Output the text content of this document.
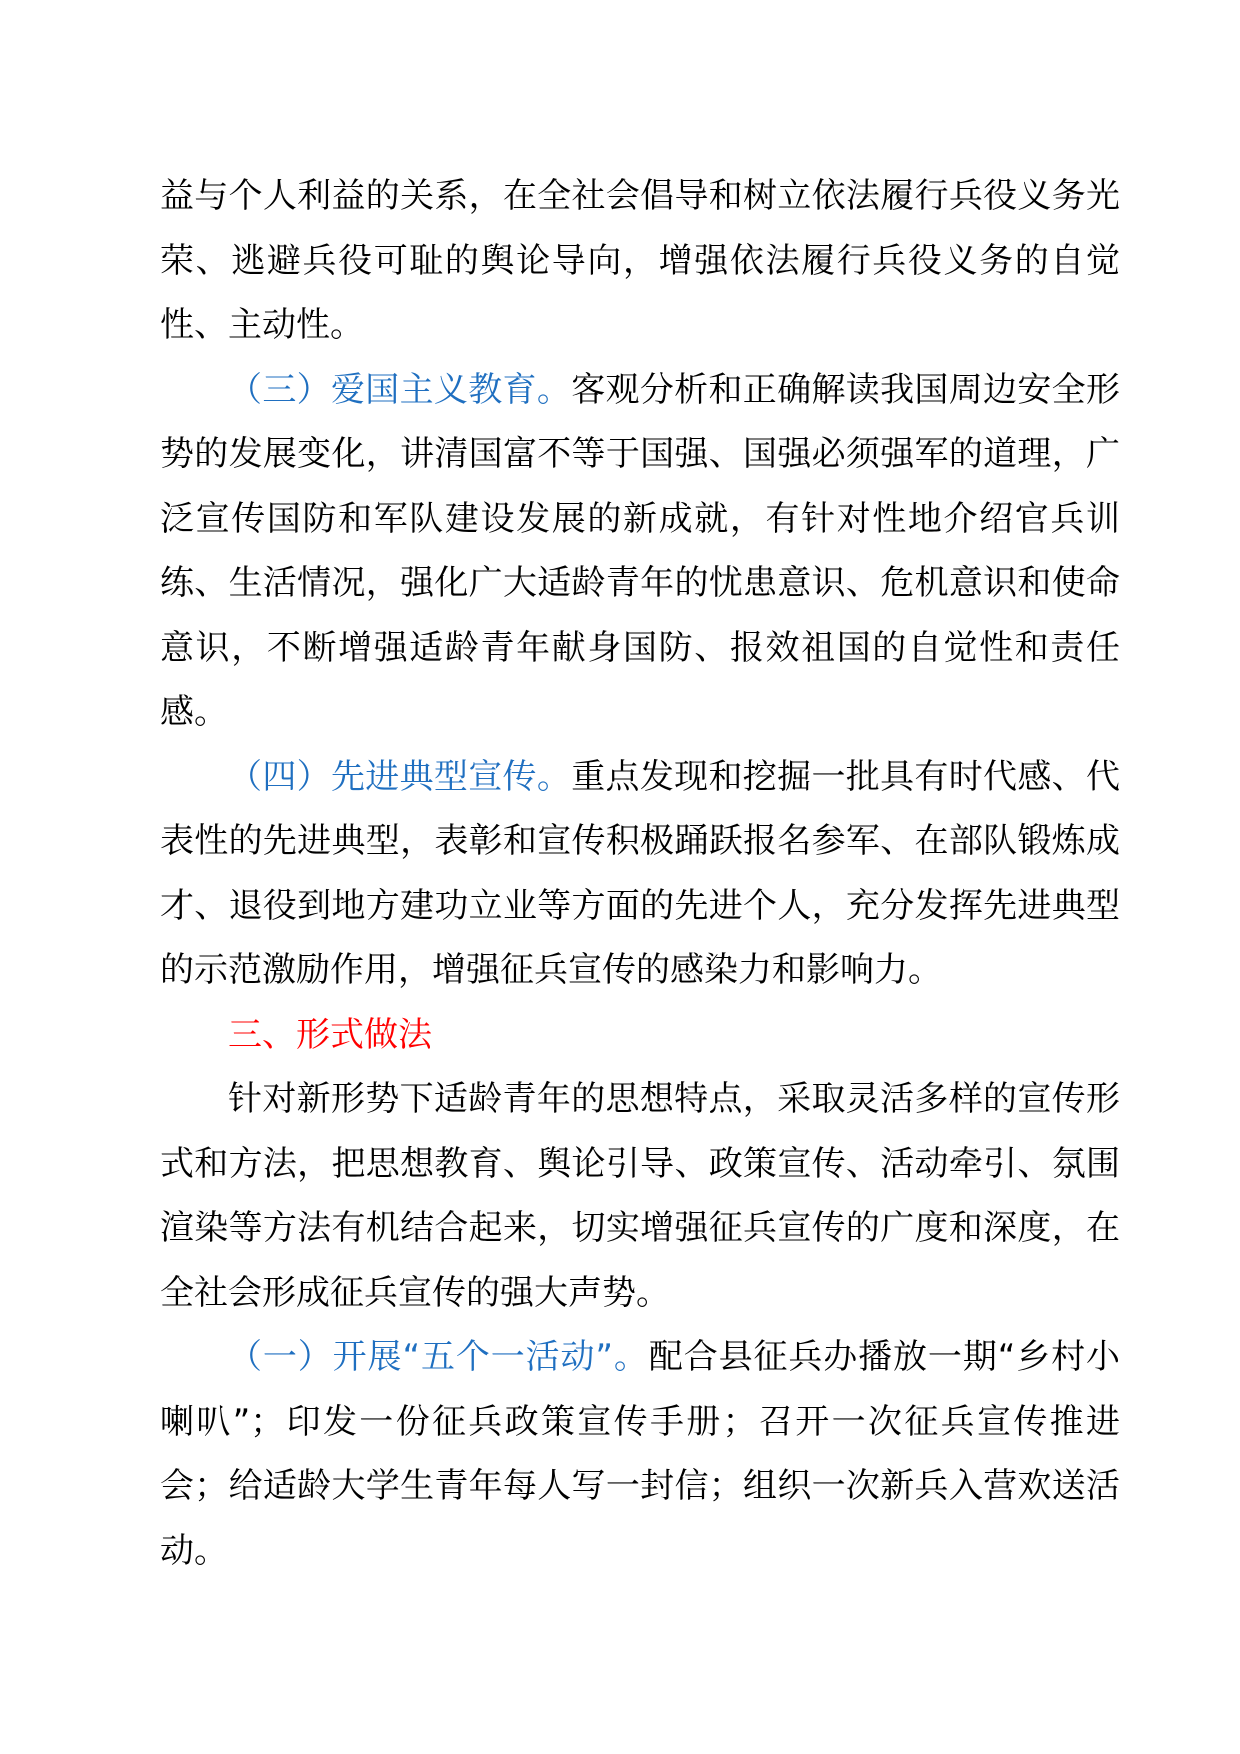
益与个人利益的关系，在全社会倡导和树立依法履行兵役义务光荣、逃避兵役可耻的舆论导向，增强依法履行兵役义务的自觉性、主动性。

（三）爱国主义教育。客观分析和正确解读我国周边安全形势的发展变化，讲清国富不等于国强、国强必须强军的道理，广泛宣传国防和军队建设发展的新成就，有针对性地介绍官兵训练、生活情况，强化广大适龄青年的忧患意识、危机意识和使命意识，不断增强适龄青年献身国防、报效祖国的自觉性和责任感。

（四）先进典型宣传。重点发现和挖掘一批具有时代感、代表性的先进典型，表彰和宣传积极踊跃报名参军、在部队锻炼成才、退役到地方建功立业等方面的先进个人，充分发挥先进典型的示范激励作用，增强征兵宣传的感染力和影响力。

三、形式做法

针对新形势下适龄青年的思想特点，采取灵活多样的宣传形式和方法，把思想教育、舆论引导、政策宣传、活动牵引、氛围渲染等方法有机结合起来，切实增强征兵宣传的广度和深度，在全社会形成征兵宣传的强大声势。

（一）开展“五个一活动”。配合县征兵办播放一期“乡村小喇叭”；印发一份征兵政策宣传手册；召开一次征兵宣传推进会；给适龄大学生青年每人写一封信；组织一次新兵入营欢送活动。
